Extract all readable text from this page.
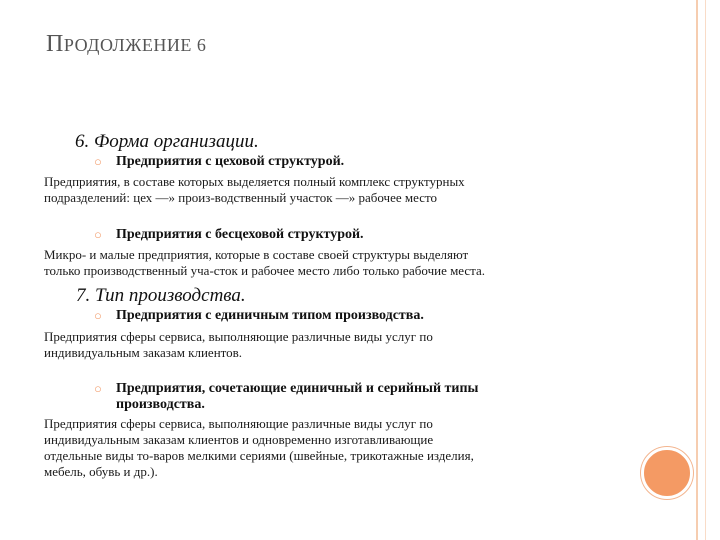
ПРОДОЛЖЕНИЕ 6
6. Форма организации.
○ Предприятия с цеховой структурой.
Предприятия, в составе которых выделяется полный комплекс структурных
подразделений: цех —» произ-водственный участок —» рабочее место
○ Предприятия с бесцеховой структурой.
Микро- и малые предприятия, которые в составе своей структуры выделяют
только производственный уча-сток и рабочее место либо только рабочие места.
7. Тип производства.
○ Предприятия с единичным типом производства.
Предприятия сферы сервиса, выполняющие различные виды услуг по
индивидуальным заказам клиентов.
○ Предприятия, сочетающие единичный и серийный типы
производства.
Предприятия сферы сервиса, выполняющие различные виды услуг по
индивидуальным заказам клиентов и одновременно изготавливающие
отдельные виды то-варов мелкими сериями (швейные, трикотажные изделия,
мебель, обувь и др.).
